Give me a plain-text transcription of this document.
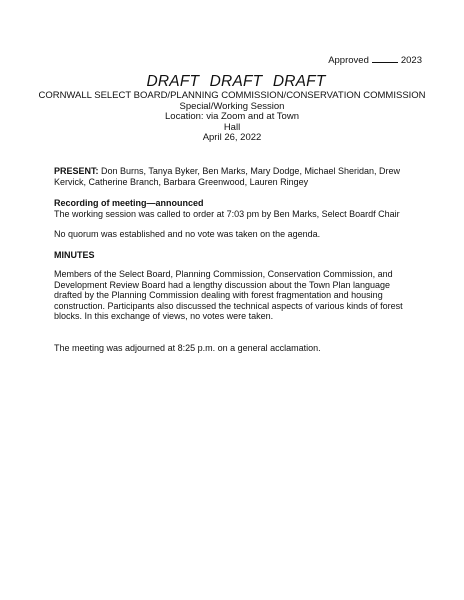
Approved	2023
DRAFT DRAFT DRAFT
CORNWALL SELECT BOARD/PLANNING COMMISSION/CONSERVATION COMMISSION
Special/Working Session
Location: via Zoom and at Town
Hall
April 26, 2022
PRESENT: Don Burns, Tanya Byker, Ben Marks, Mary Dodge, Michael Sheridan, Drew Kervick, Catherine Branch, Barbara Greenwood, Lauren Ringey
Recording of meeting—announced
The working session was called to order at 7:03 pm by Ben Marks, Select Boardf Chair
No quorum was established and no vote was taken on the agenda.
MINUTES
Members of the Select Board, Planning Commission, Conservation Commission, and Development Review Board had a lengthy discussion about the Town Plan language drafted by the Planning Commission dealing with forest fragmentation and housing construction. Participants also discussed the technical aspects of various kinds of forest blocks. In this exchange of views, no votes were taken.
The meeting was adjourned at 8:25 p.m. on a general acclamation.
